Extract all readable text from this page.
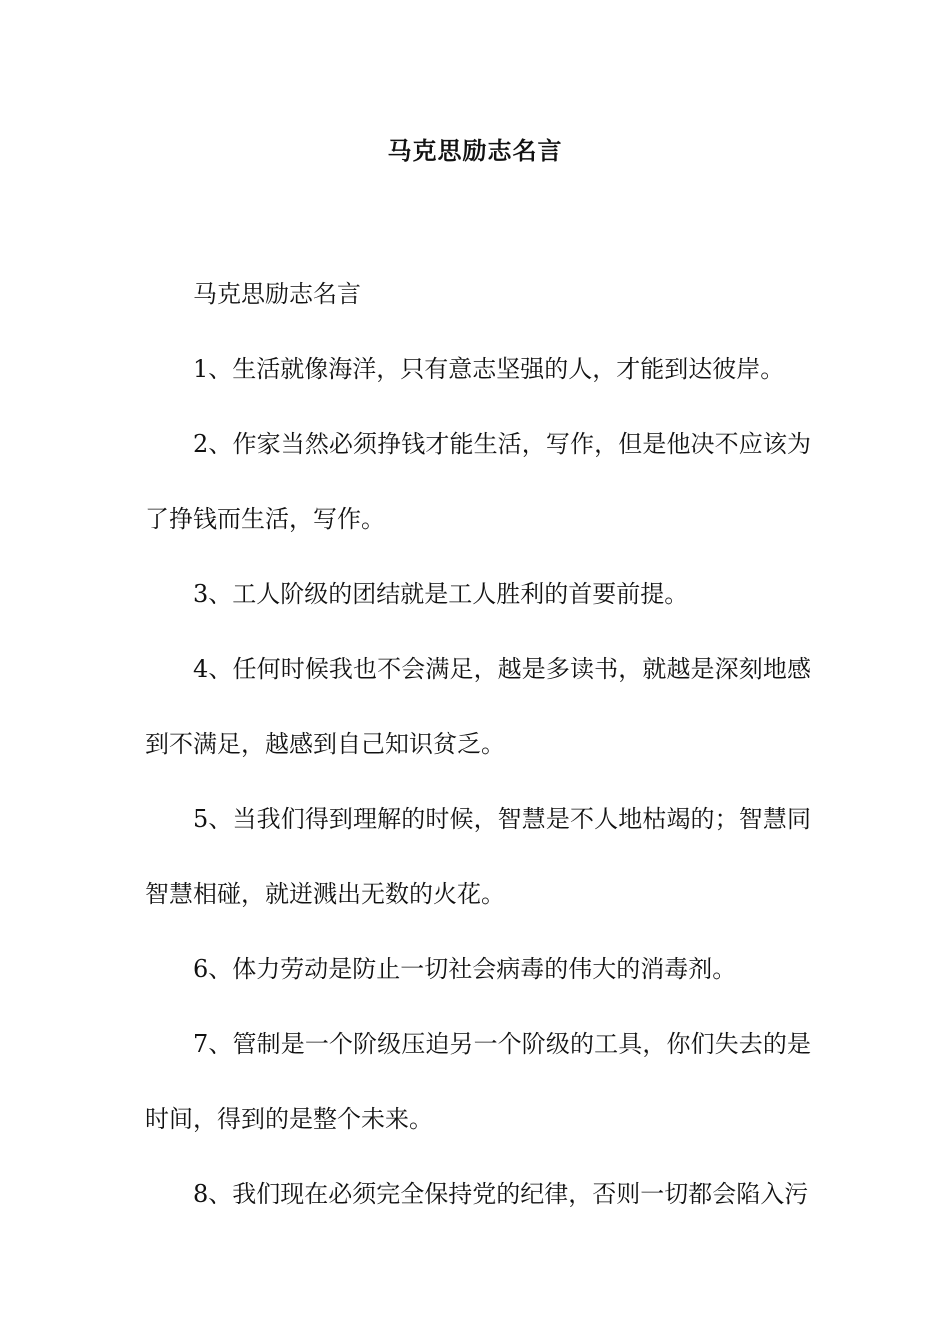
马克思励志名言

马克思励志名言

1、生活就像海洋，只有意志坚强的人，才能到达彼岸。

2、作家当然必须挣钱才能生活，写作，但是他决不应该为了挣钱而生活，写作。

3、工人阶级的团结就是工人胜利的首要前提。

4、任何时候我也不会满足，越是多读书，就越是深刻地感到不满足，越感到自己知识贫乏。

5、当我们得到理解的时候，智慧是不人地枯竭的；智慧同智慧相碰，就迸溅出无数的火花。

6、体力劳动是防止一切社会病毒的伟大的消毒剂。

7、管制是一个阶级压迫另一个阶级的工具，你们失去的是时间，得到的是整个未来。

8、我们现在必须完全保持党的纪律，否则一切都会陷入污
